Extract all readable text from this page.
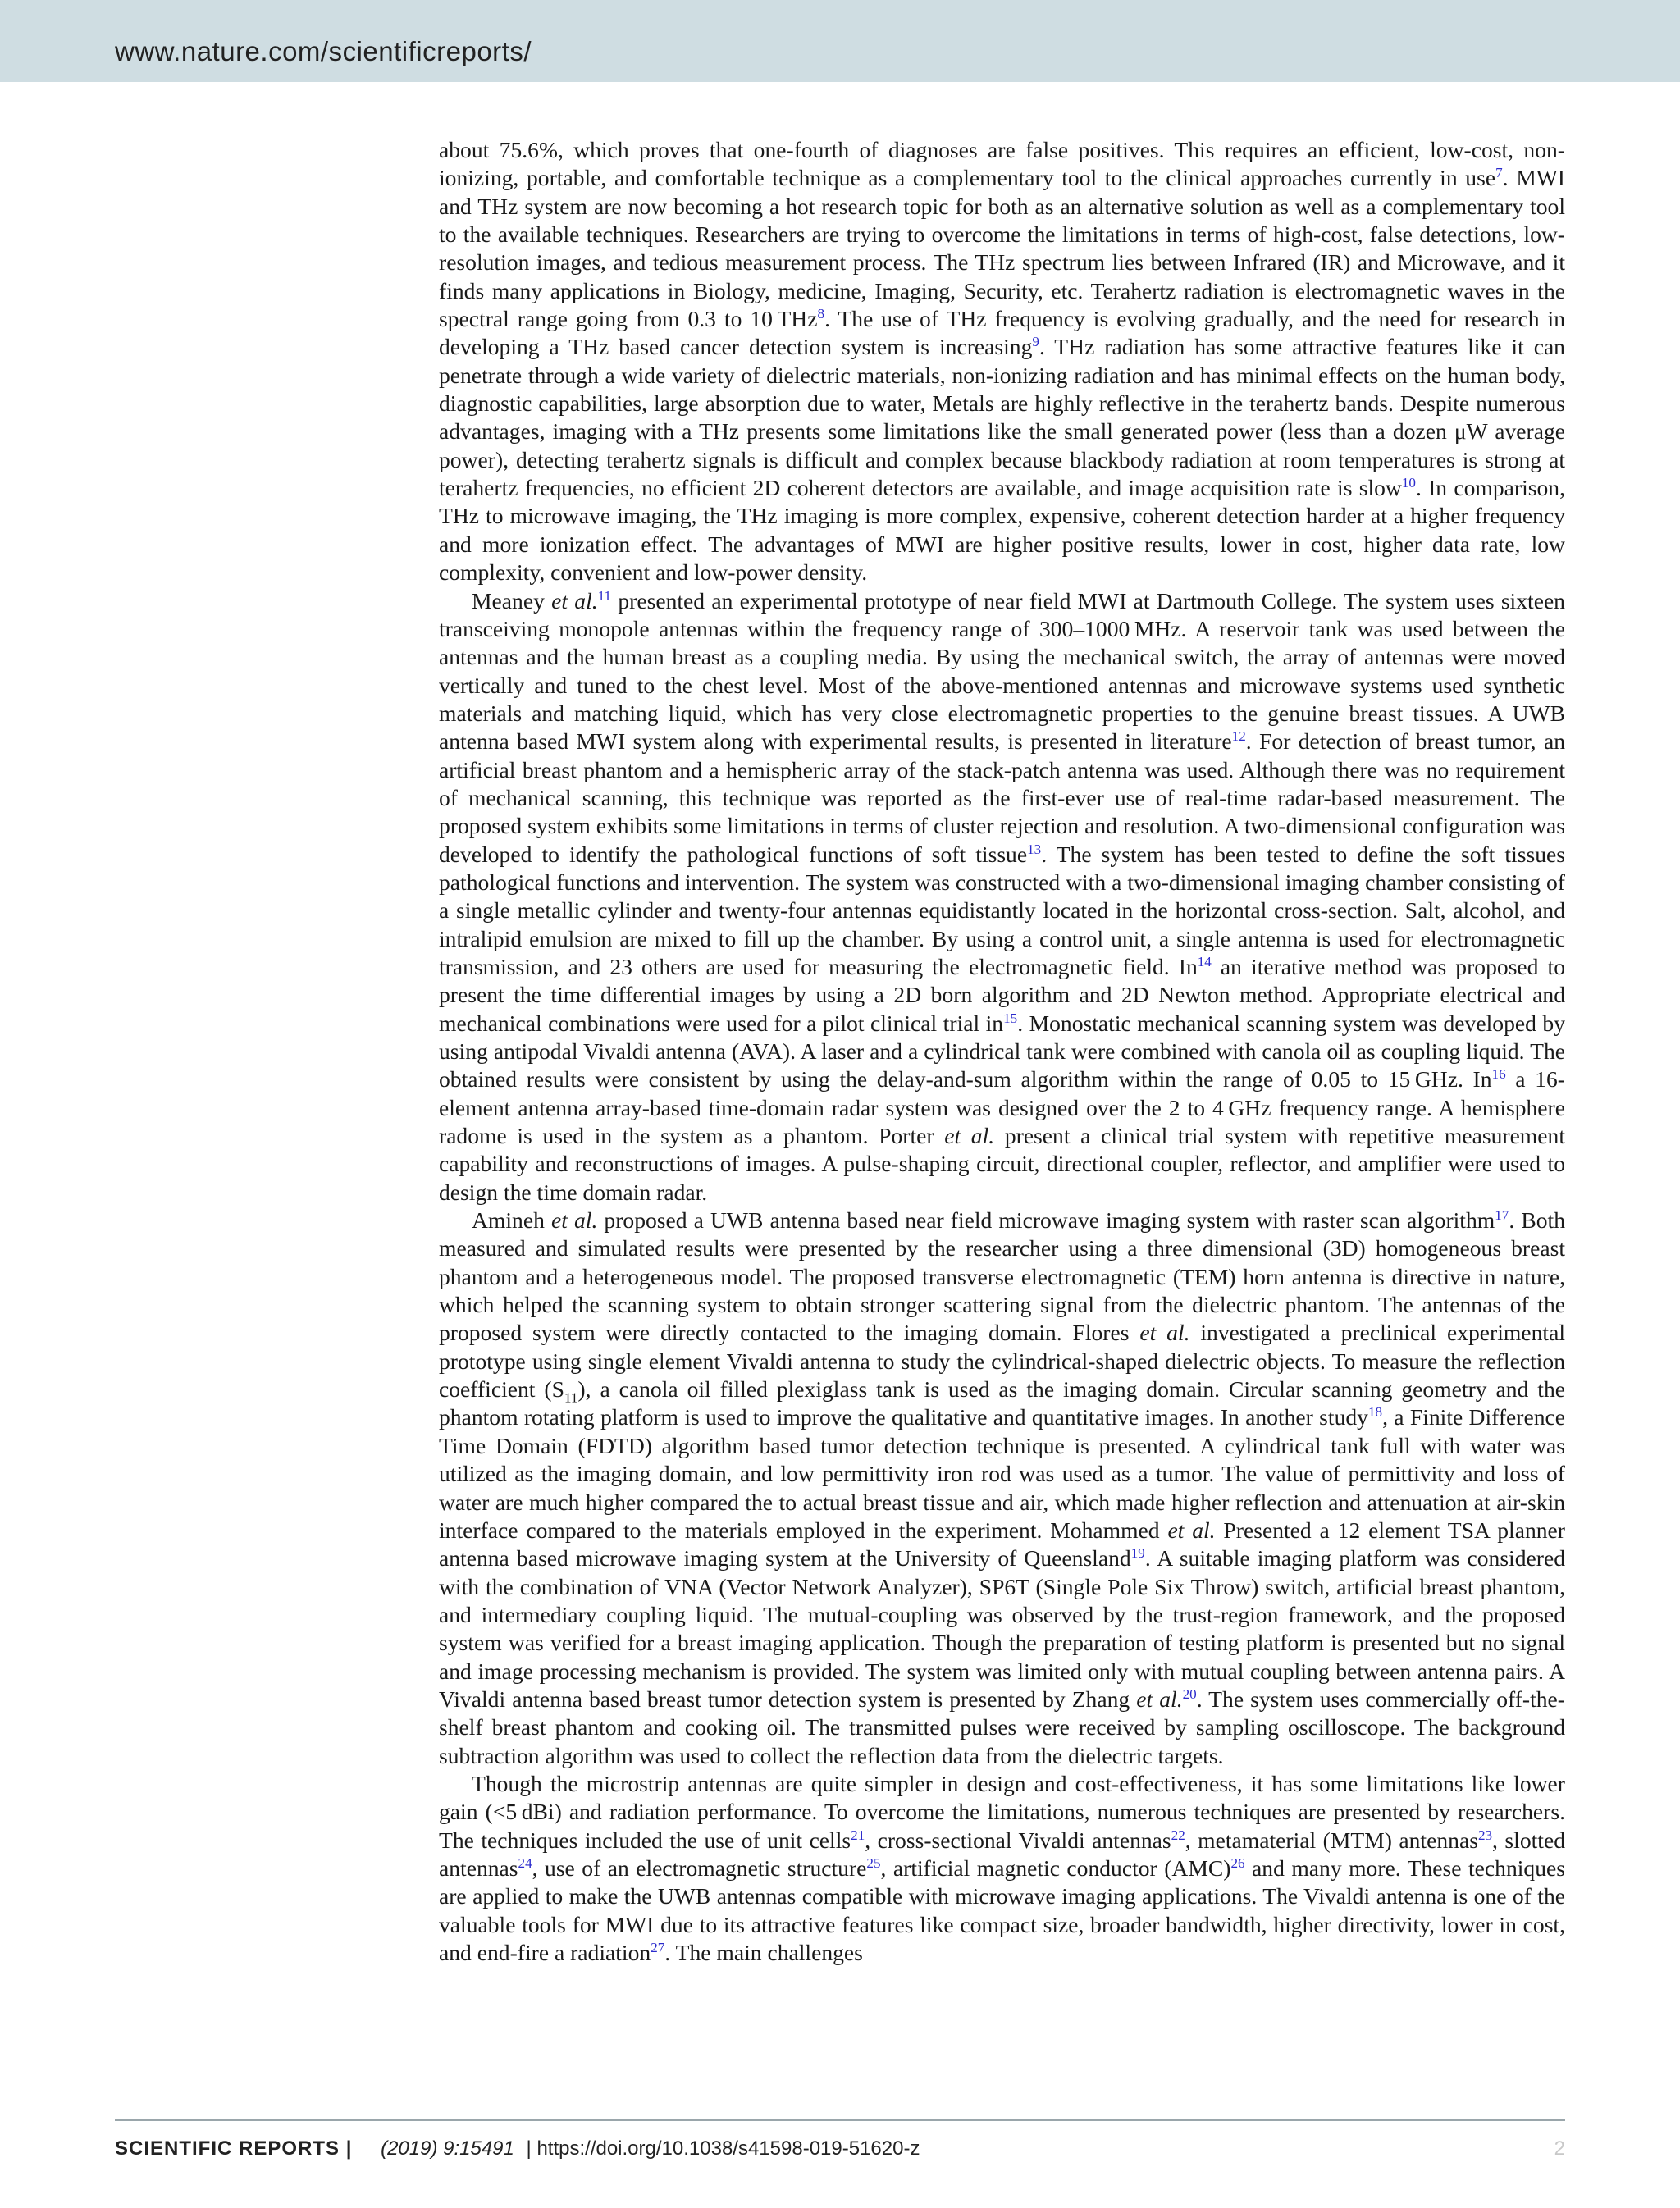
www.nature.com/scientificreports/

about 75.6%, which proves that one-fourth of diagnoses are false positives. This requires an efficient, low-cost, non-ionizing, portable, and comfortable technique as a complementary tool to the clinical approaches currently in use$^7$. MWI and THz system are now becoming a hot research topic for both as an alternative solution as well as a complementary tool to the available techniques. Researchers are trying to overcome the limitations in terms of high-cost, false detections, low-resolution images, and tedious measurement process. The THz spectrum lies between Infrared (IR) and Microwave, and it finds many applications in Biology, medicine, Imaging, Security, etc. Terahertz radiation is electromagnetic waves in the spectral range going from 0.3 to 10 THz$^8$. The use of THz frequency is evolving gradually, and the need for research in developing a THz based cancer detection system is increasing$^9$. THz radiation has some attractive features like it can penetrate through a wide variety of dielectric materials, non-ionizing radiation and has minimal effects on the human body, diagnostic capabilities, large absorption due to water, Metals are highly reflective in the terahertz bands. Despite numerous advantages, imaging with a THz presents some limitations like the small generated power (less than a dozen μW average power), detecting terahertz signals is difficult and complex because blackbody radiation at room temperatures is strong at terahertz frequencies, no efficient 2D coherent detectors are available, and image acquisition rate is slow$^{10}$. In comparison, THz to microwave imaging, the THz imaging is more complex, expensive, coherent detection harder at a higher frequency and more ionization effect. The advantages of MWI are higher positive results, lower in cost, higher data rate, low complexity, convenient and low-power density.

Meaney et al.$^{11}$ presented an experimental prototype of near field MWI at Dartmouth College. The system uses sixteen transceiving monopole antennas within the frequency range of 300–1000 MHz. A reservoir tank was used between the antennas and the human breast as a coupling media. By using the mechanical switch, the array of antennas were moved vertically and tuned to the chest level. Most of the above-mentioned antennas and microwave systems used synthetic materials and matching liquid, which has very close electromagnetic properties to the genuine breast tissues. A UWB antenna based MWI system along with experimental results, is presented in literature$^{12}$. For detection of breast tumor, an artificial breast phantom and a hemispheric array of the stack-patch antenna was used. Although there was no requirement of mechanical scanning, this technique was reported as the first-ever use of real-time radar-based measurement. The proposed system exhibits some limitations in terms of cluster rejection and resolution. A two-dimensional configuration was developed to identify the pathological functions of soft tissue$^{13}$. The system has been tested to define the soft tissues pathological functions and intervention. The system was constructed with a two-dimensional imaging chamber consisting of a single metallic cylinder and twenty-four antennas equidistantly located in the horizontal cross-section. Salt, alcohol, and intralipid emulsion are mixed to fill up the chamber. By using a control unit, a single antenna is used for electromagnetic transmission, and 23 others are used for measuring the electromagnetic field. In$^{14}$ an iterative method was proposed to present the time differential images by using a 2D born algorithm and 2D Newton method. Appropriate electrical and mechanical combinations were used for a pilot clinical trial in$^{15}$. Monostatic mechanical scanning system was developed by using antipodal Vivaldi antenna (AVA). A laser and a cylindrical tank were combined with canola oil as coupling liquid. The obtained results were consistent by using the delay-and-sum algorithm within the range of 0.05 to 15 GHz. In$^{16}$ a 16-element antenna array-based time-domain radar system was designed over the 2 to 4 GHz frequency range. A hemisphere radome is used in the system as a phantom. Porter et al. present a clinical trial system with repetitive measurement capability and reconstructions of images. A pulse-shaping circuit, directional coupler, reflector, and amplifier were used to design the time domain radar.

Amineh et al. proposed a UWB antenna based near field microwave imaging system with raster scan algorithm$^{17}$. Both measured and simulated results were presented by the researcher using a three dimensional (3D) homogeneous breast phantom and a heterogeneous model. The proposed transverse electromagnetic (TEM) horn antenna is directive in nature, which helped the scanning system to obtain stronger scattering signal from the dielectric phantom. The antennas of the proposed system were directly contacted to the imaging domain. Flores et al. investigated a preclinical experimental prototype using single element Vivaldi antenna to study the cylindrical-shaped dielectric objects. To measure the reflection coefficient $(S_{11})$, a canola oil filled plexiglass tank is used as the imaging domain. Circular scanning geometry and the phantom rotating platform is used to improve the qualitative and quantitative images. In another study$^{18}$, a Finite Difference Time Domain (FDTD) algorithm based tumor detection technique is presented. A cylindrical tank full with water was utilized as the imaging domain, and low permittivity iron rod was used as a tumor. The value of permittivity and loss of water are much higher compared the to actual breast tissue and air, which made higher reflection and attenuation at air-skin interface compared to the materials employed in the experiment. Mohammed et al. Presented a 12 element TSA planner antenna based microwave imaging system at the University of Queensland$^{19}$. A suitable imaging platform was considered with the combination of VNA (Vector Network Analyzer), SP6T (Single Pole Six Throw) switch, artificial breast phantom, and intermediary coupling liquid. The mutual-coupling was observed by the trust-region framework, and the proposed system was verified for a breast imaging application. Though the preparation of testing platform is presented but no signal and image processing mechanism is provided. The system was limited only with mutual coupling between antenna pairs. A Vivaldi antenna based breast tumor detection system is presented by Zhang et al.$^{20}$. The system uses commercially off-the-shelf breast phantom and cooking oil. The transmitted pulses were received by sampling oscilloscope. The background subtraction algorithm was used to collect the reflection data from the dielectric targets.

Though the microstrip antennas are quite simpler in design and cost-effectiveness, it has some limitations like lower gain (<5 dBi) and radiation performance. To overcome the limitations, numerous techniques are presented by researchers. The techniques included the use of unit cells$^{21}$, cross-sectional Vivaldi antennas$^{22}$, metamaterial (MTM) antennas$^{23}$, slotted antennas$^{24}$, use of an electromagnetic structure$^{25}$, artificial magnetic conductor (AMC)$^{26}$ and many more. These techniques are applied to make the UWB antennas compatible with microwave imaging applications. The Vivaldi antenna is one of the valuable tools for MWI due to its attractive features like compact size, broader bandwidth, higher directivity, lower in cost, and end-fire a radiation$^{27}$. The main challenges

SCIENTIFIC REPORTS | (2019) 9:15491 | https://doi.org/10.1038/s41598-019-51620-z	2
